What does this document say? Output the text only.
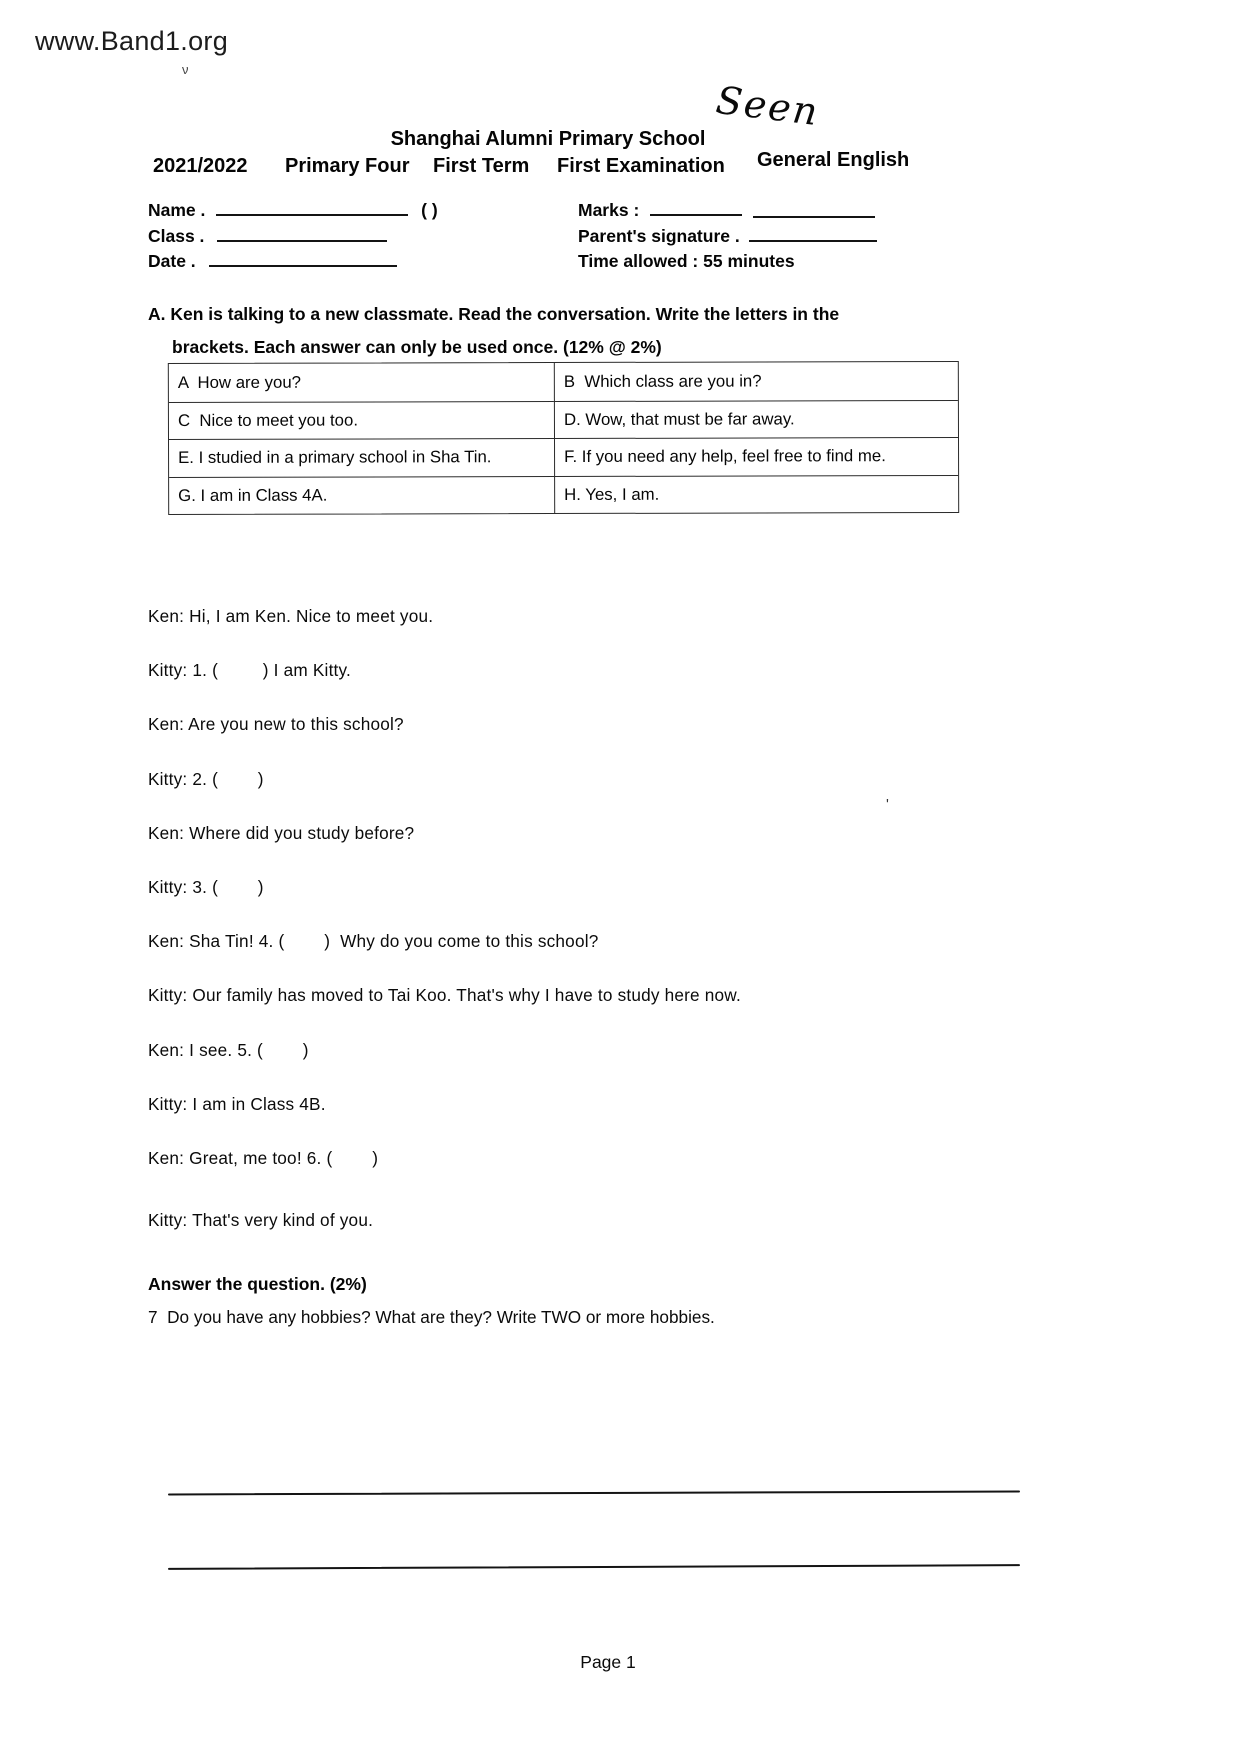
www.Band1.org
ν
Seen
Shanghai Alumni Primary School
2021/2022 Primary Four First Term First Examination General English
Name .	( )
Class .
Date .
Marks :
Parent's signature .
Time allowed : 55 minutes
A. Ken is talking to a new classmate. Read the conversation. Write the letters in the
brackets. Each answer can only be used once. (12% @ 2%)
A  How are you?	B  Which class are you in?
C  Nice to meet you too.	D. Wow, that must be far away.
E. I studied in a primary school in Sha Tin.	F. If you need any help, feel free to find me.
G. I am in Class 4A.	H. Yes, I am.
Ken: Hi, I am Ken. Nice to meet you.
Kitty: 1. (         ) I am Kitty.
Ken: Are you new to this school?
Kitty: 2. (        )
Ken: Where did you study before?
Kitty: 3. (        )
Ken: Sha Tin! 4. (        )  Why do you come to this school?
Kitty: Our family has moved to Tai Koo. That's why I have to study here now.
Ken: I see. 5. (        )
Kitty: I am in Class 4B.
Ken: Great, me too! 6. (        )
Kitty: That's very kind of you.
'
Answer the question. (2%)
7  Do you have any hobbies? What are they? Write TWO or more hobbies.
Page 1
